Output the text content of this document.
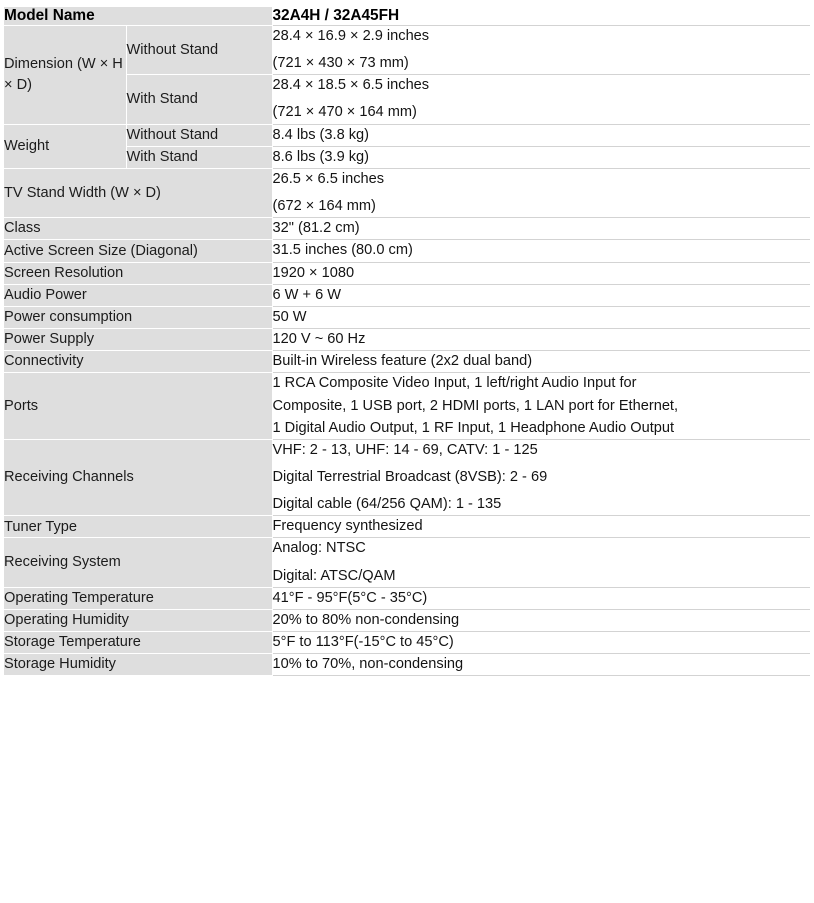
Model Name		32A4H / 32A45FH
Dimension (W × H × D)	Without Stand	28.4 × 16.9 × 2.9 inches
(721 × 430 × 73 mm)

	With Stand	28.4 × 18.5 × 6.5 inches
(721 × 470 × 164 mm)

Weight	Without Stand	8.4 lbs (3.8 kg)

	With Stand	8.6 lbs (3.9 kg)

TV Stand Width (W × D)		26.5 × 6.5 inches
(672 × 164 mm)

Class		32" (81.2 cm)

Active Screen Size (Diagonal)		31.5 inches (80.0 cm)

Screen Resolution		1920 × 1080

Audio Power		6 W + 6 W

Power consumption		50 W

Power Supply		120 V ~ 60 Hz

Connectivity		Built-in Wireless feature (2x2 dual band)

Ports		1 RCA Composite Video Input, 1 left/right Audio Input for
Composite, 1 USB port, 2 HDMI ports, 1 LAN port for Ethernet,
1 Digital Audio Output, 1 RF Input, 1 Headphone Audio Output

Receiving Channels		VHF: 2 - 13, UHF: 14 - 69, CATV: 1 - 125
Digital Terrestrial Broadcast (8VSB): 2 - 69
Digital cable (64/256 QAM): 1 - 135

Tuner Type		Frequency synthesized

Receiving System		Analog: NTSC
Digital: ATSC/QAM

Operating Temperature		41°F - 95°F(5°C - 35°C)

Operating Humidity		20% to 80% non-condensing

Storage Temperature		5°F to 113°F(-15°C to 45°C)

Storage Humidity		10% to 70%, non-condensing
